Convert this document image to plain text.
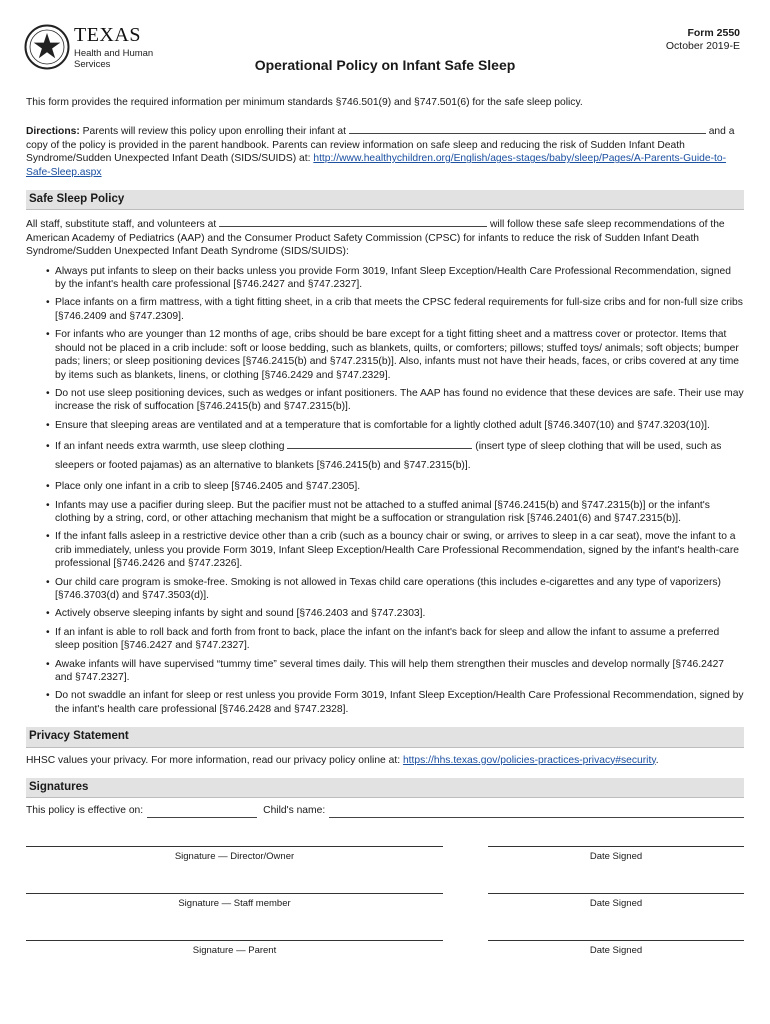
TEXAS
Health and Human Services
Form 2550
October 2019-E
Operational Policy on Infant Safe Sleep

This form provides the required information per minimum standards §746.501(9) and §747.501(6) for the safe sleep policy.

Directions: Parents will review this policy upon enrolling their infant at	and a copy of the policy is provided in the parent handbook. Parents can review information on safe sleep and reducing the risk of Sudden Infant Death Syndrome/Sudden Unexpected Infant Death (SIDS/SUIDS) at: http://www.healthychildren.org/English/ages-stages/baby/sleep/Pages/A-Parents-Guide-to-Safe-Sleep.aspx

Safe Sleep Policy

All staff, substitute staff, and volunteers at	will follow these safe sleep recommendations of the American Academy of Pediatrics (AAP) and the Consumer Product Safety Commission (CPSC) for infants to reduce the risk of Sudden Infant Death Syndrome/Sudden Unexpected Infant Death Syndrome (SIDS/SUIDS):

• Always put infants to sleep on their backs unless you provide Form 3019, Infant Sleep Exception/Health Care Professional Recommendation, signed by the infant's health care professional [§746.2427 and §747.2327].
• Place infants on a firm mattress, with a tight fitting sheet, in a crib that meets the CPSC federal requirements for full-size cribs and for non-full size cribs [§746.2409 and §747.2309].
• For infants who are younger than 12 months of age, cribs should be bare except for a tight fitting sheet and a mattress cover or protector. Items that should not be placed in a crib include: soft or loose bedding, such as blankets, quilts, or comforters; pillows; stuffed toys/ animals; soft objects; bumper pads; liners; or sleep positioning devices [§746.2415(b) and §747.2315(b)]. Also, infants must not have their heads, faces, or cribs covered at any time by items such as blankets, linens, or clothing [§746.2429 and §747.2329].
• Do not use sleep positioning devices, such as wedges or infant positioners. The AAP has found no evidence that these devices are safe. Their use may increase the risk of suffocation [§746.2415(b) and §747.2315(b)].
• Ensure that sleeping areas are ventilated and at a temperature that is comfortable for a lightly clothed adult [§746.3407(10) and §747.3203(10)].
• If an infant needs extra warmth, use sleep clothing	(insert type of sleep clothing that will be used, such as sleepers or footed pajamas) as an alternative to blankets [§746.2415(b) and §747.2315(b)].
• Place only one infant in a crib to sleep [§746.2405 and §747.2305].
• Infants may use a pacifier during sleep. But the pacifier must not be attached to a stuffed animal [§746.2415(b) and §747.2315(b)] or the infant's clothing by a string, cord, or other attaching mechanism that might be a suffocation or strangulation risk [§746.2401(6) and §747.2315(b)].
• If the infant falls asleep in a restrictive device other than a crib (such as a bouncy chair or swing, or arrives to sleep in a car seat), move the infant to a crib immediately, unless you provide Form 3019, Infant Sleep Exception/Health Care Professional Recommendation, signed by the infant's health-care professional [§746.2426 and §747.2326].
• Our child care program is smoke-free. Smoking is not allowed in Texas child care operations (this includes e-cigarettes and any type of vaporizers) [§746.3703(d) and §747.3503(d)].
• Actively observe sleeping infants by sight and sound [§746.2403 and §747.2303].
• If an infant is able to roll back and forth from front to back, place the infant on the infant's back for sleep and allow the infant to assume a preferred sleep position [§746.2427 and §747.2327].
• Awake infants will have supervised “tummy time” several times daily. This will help them strengthen their muscles and develop normally [§746.2427 and §747.2327].
• Do not swaddle an infant for sleep or rest unless you provide Form 3019, Infant Sleep Exception/Health Care Professional Recommendation, signed by the infant's health care professional [§746.2428 and §747.2328].
Privacy Statement

HHSC values your privacy. For more information, read our privacy policy online at: https://hhs.texas.gov/policies-practices-privacy#security.

Signatures
This policy is effective on:	Child's name:
Signature — Director/Owner	Date Signed
Signature — Staff member	Date Signed
Signature — Parent	Date Signed
